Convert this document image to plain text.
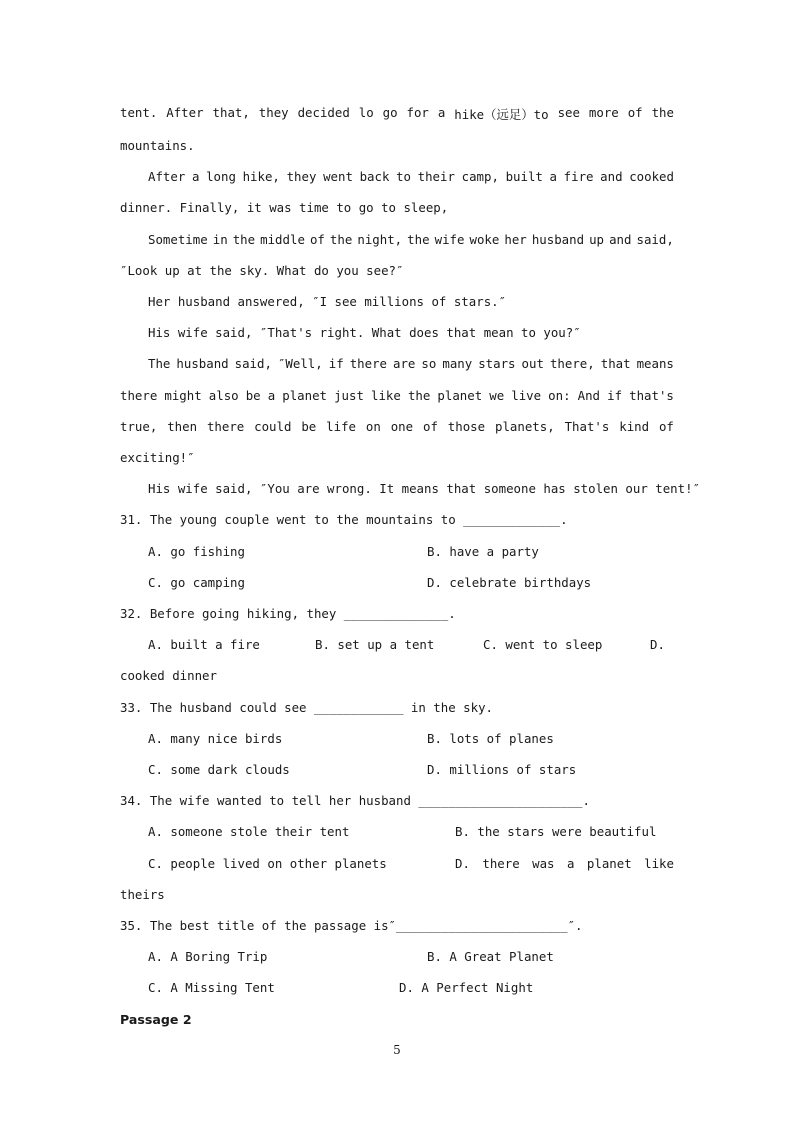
tent. After that, they decided lo go for a hike（远足）to see more of the
mountains.
After a long hike, they went back to their camp, built a fire and cooked
dinner. Finally, it was time to go to sleep,
Sometime in the middle of the night, the wife woke her husband up and said,
″Look up at the sky. What do you see?″
Her husband answered, ″I see millions of stars.″
His wife said, ″That's right. What does that mean to you?″
The husband said, ″Well, if there are so many stars out there, that means
there might also be a planet just like the planet we live on: And if that's
true, then there could be life on one of those planets, That's kind of
exciting!″
His wife said, ″You are wrong. It means that someone has stolen our tent!″
31. The young couple went to the mountains to _____________.
A. go fishing	B. have a party
C. go camping	D. celebrate birthdays
32. Before going hiking, they ______________.
A. built a fire	B. set up a tent	C. went to sleep	D.
cooked dinner
33. The husband could see ____________ in the sky.
A. many nice birds	B. lots of planes
C. some dark clouds	D. millions of stars
34. The wife wanted to tell her husband ______________________.
A. someone stole their tent	B. the stars were beautiful
C. people lived on other planets	D. there was a planet like
theirs
35. The best title of the passage is″_______________________″.
A. A Boring Trip	B. A Great Planet
C. A Missing Tent	D. A Perfect Night
Passage 2
5
